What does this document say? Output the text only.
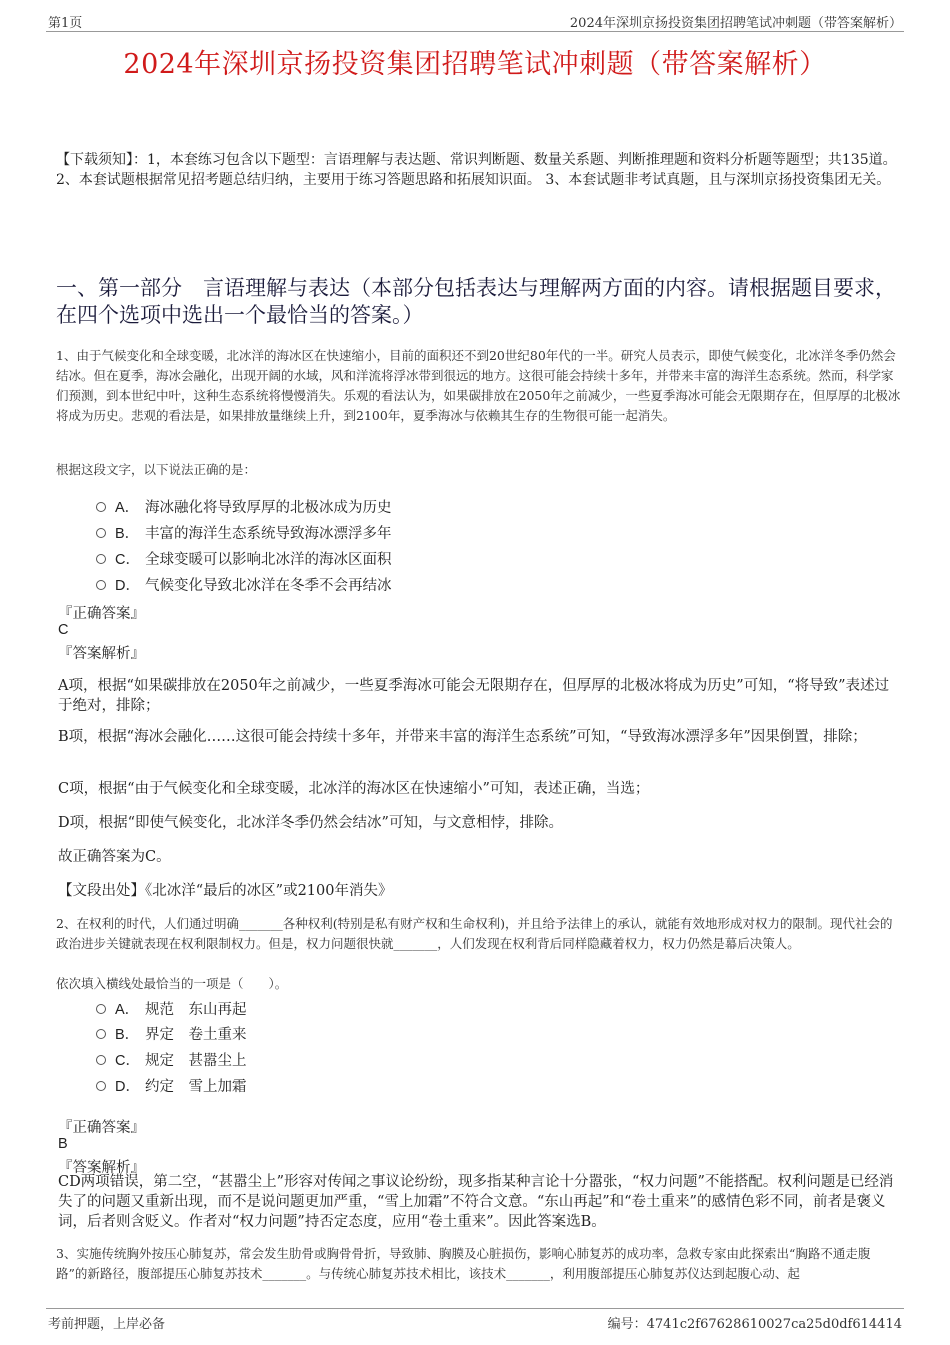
第1页	2024年深圳京扬投资集团招聘笔试冲刺题（带答案解析）
2024年深圳京扬投资集团招聘笔试冲刺题（带答案解析）
【下载须知】：1，本套练习包含以下题型：言语理解与表达题、常识判断题、数量关系题、判断推理题和资料分析题等题型；共135道。 2、本套试题根据常见招考题总结归纳，主要用于练习答题思路和拓展知识面。 3、本套试题非考试真题，且与深圳京扬投资集团无关。
一、第一部分　言语理解与表达（本部分包括表达与理解两方面的内容。请根据题目要求，在四个选项中选出一个最恰当的答案。）
1、由于气候变化和全球变暖，北冰洋的海冰区在快速缩小，目前的面积还不到20世纪80年代的一半。研究人员表示，即使气候变化，北冰洋冬季仍然会结冰。但在夏季，海冰会融化，出现开阔的水域，风和洋流将浮冰带到很远的地方。这很可能会持续十多年，并带来丰富的海洋生态系统。然而，科学家们预测，到本世纪中叶，这种生态系统将慢慢消失。乐观的看法认为，如果碳排放在2050年之前减少，一些夏季海冰可能会无限期存在，但厚厚的北极冰将成为历史。悲观的看法是，如果排放量继续上升，到2100年，夏季海冰与依赖其生存的生物很可能一起消失。
根据这段文字，以下说法正确的是：
A． 海冰融化将导致厚厚的北极冰成为历史
B． 丰富的海洋生态系统导致海冰漂浮多年
C． 全球变暖可以影响北冰洋的海冰区面积
D． 气候变化导致北冰洋在冬季不会再结冰
『正确答案』
C
『答案解析』
A项，根据“如果碳排放在2050年之前减少，一些夏季海冰可能会无限期存在，但厚厚的北极冰将成为历史”可知，“将导致”表述过于绝对，排除；
B项，根据“海冰会融化……这很可能会持续十多年，并带来丰富的海洋生态系统”可知，“导致海冰漂浮多年”因果倒置，排除；
C项，根据“由于气候变化和全球变暖，北冰洋的海冰区在快速缩小”可知，表述正确，当选；
D项，根据“即使气候变化，北冰洋冬季仍然会结冰”可知，与文意相悖，排除。
故正确答案为C。
【文段出处】《北冰洋“最后的冰区”或2100年消失》
2、在权利的时代，人们通过明确_______各种权利(特别是私有财产权和生命权利)，并且给予法律上的承认，就能有效地形成对权力的限制。现代社会的政治进步关键就表现在权利限制权力。但是，权力问题很快就_______，人们发现在权利背后同样隐藏着权力，权力仍然是幕后决策人。
依次填入横线处最恰当的一项是（　　）。
A． 规范　东山再起
B． 界定　卷土重来
C． 规定　甚嚣尘上
D． 约定　雪上加霜
『正确答案』
B
『答案解析』
CD两项错误，第二空，“甚嚣尘上”形容对传闻之事议论纷纷，现多指某种言论十分嚣张，“权力问题”不能搭配。权利问题是已经消失了的问题又重新出现，而不是说问题更加严重，“雪上加霜”不符合文意。“东山再起”和“卷土重来”的感情色彩不同，前者是褒义词，后者则含贬义。作者对“权力问题”持否定态度，应用“卷土重来”。因此答案选B。
3、实施传统胸外按压心肺复苏，常会发生肋骨或胸骨骨折，导致肺、胸膜及心脏损伤，影响心肺复苏的成功率，急救专家由此探索出“胸路不通走腹路”的新路径，腹部提压心肺复苏技术_______。与传统心肺复苏技术相比，该技术_______，利用腹部提压心肺复苏仪达到起腹心动、起
考前押题，上岸必备	编号：4741c2f67628610027ca25d0df614414
